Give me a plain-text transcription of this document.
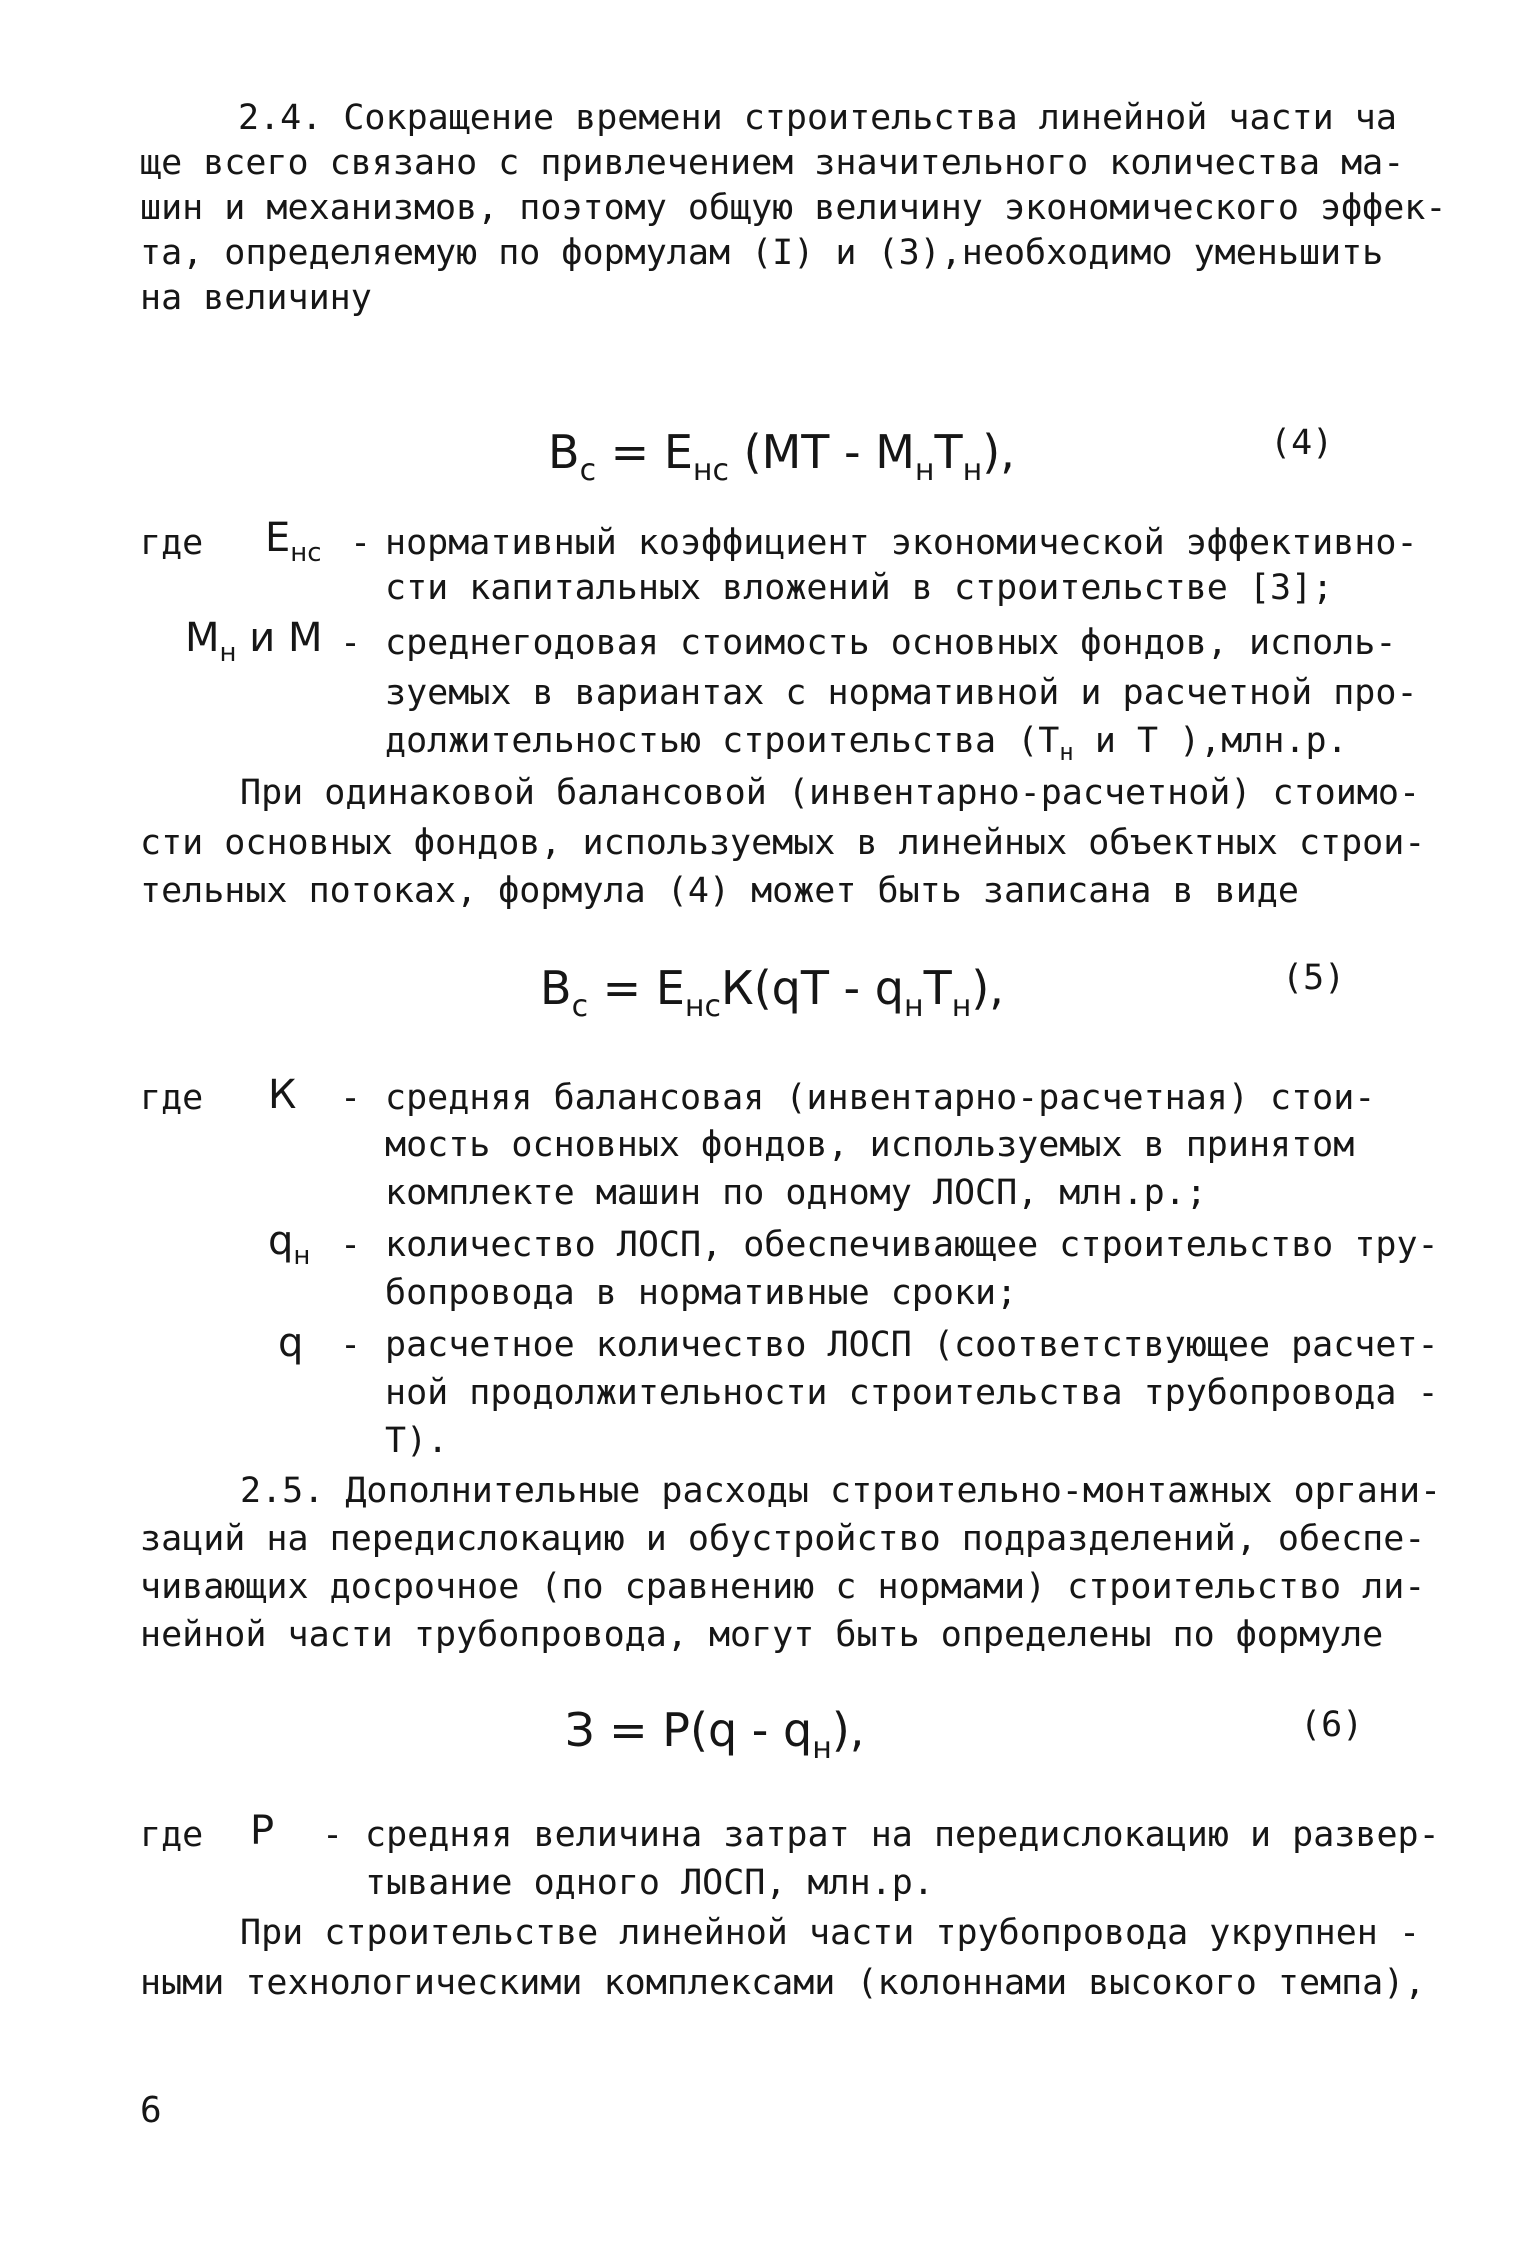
2.4. Сокращение времени строительства линейной части ча
ще всего связано с привлечением значительного количества ма-
шин и механизмов, поэтому общую величину экономического эффек-
та, определяемую по формулам (I) и (3),необходимо уменьшить
на величину
$В_с = Е_{нс}$ $(МТ - М_нТ_н)$,	(4)
где $Е_{нс}$ - нормативный коэффициент экономической эффективно-
сти капитальных вложений в строительстве [3];
$М_н$ и М - среднегодовая стоимость основных фондов, исполь-
зуемых в вариантах с нормативной и расчетной про-
должительностью строительства ($Т_н$ и Т ),млн.р.
При одинаковой балансовой (инвентарно-расчетной) стоимо-
сти основных фондов, используемых в линейных объектных строи-
тельных потоках, формула (4) может быть записана в виде
$В_с = Е_{нс}К(qТ - q_нТ_н)$,	(5)
где К - средняя балансовая (инвентарно-расчетная) стои-
мость основных фондов, используемых в принятом
комплекте машин по одному ЛОСП, млн.р.;
$q_н$ - количество ЛОСП, обеспечивающее строительство тру-
бопровода в нормативные сроки;
q - расчетное количество ЛОСП (соответствующее расчет-
ной продолжительности строительства трубопровода -
Т).
2.5. Дополнительные расходы строительно-монтажных органи-
заций на передислокацию и обустройство подразделений, обеспе-
чивающих досрочное (по сравнению с нормами) строительство ли-
нейной части трубопровода, могут быть определены по формуле
$З = Р(q - q_н)$,	(6)
где Р - средняя величина затрат на передислокацию и развер-
тывание одного ЛОСП, млн.р.
При строительстве линейной части трубопровода укрупнен -
ными технологическими комплексами (колоннами высокого темпа),
6
